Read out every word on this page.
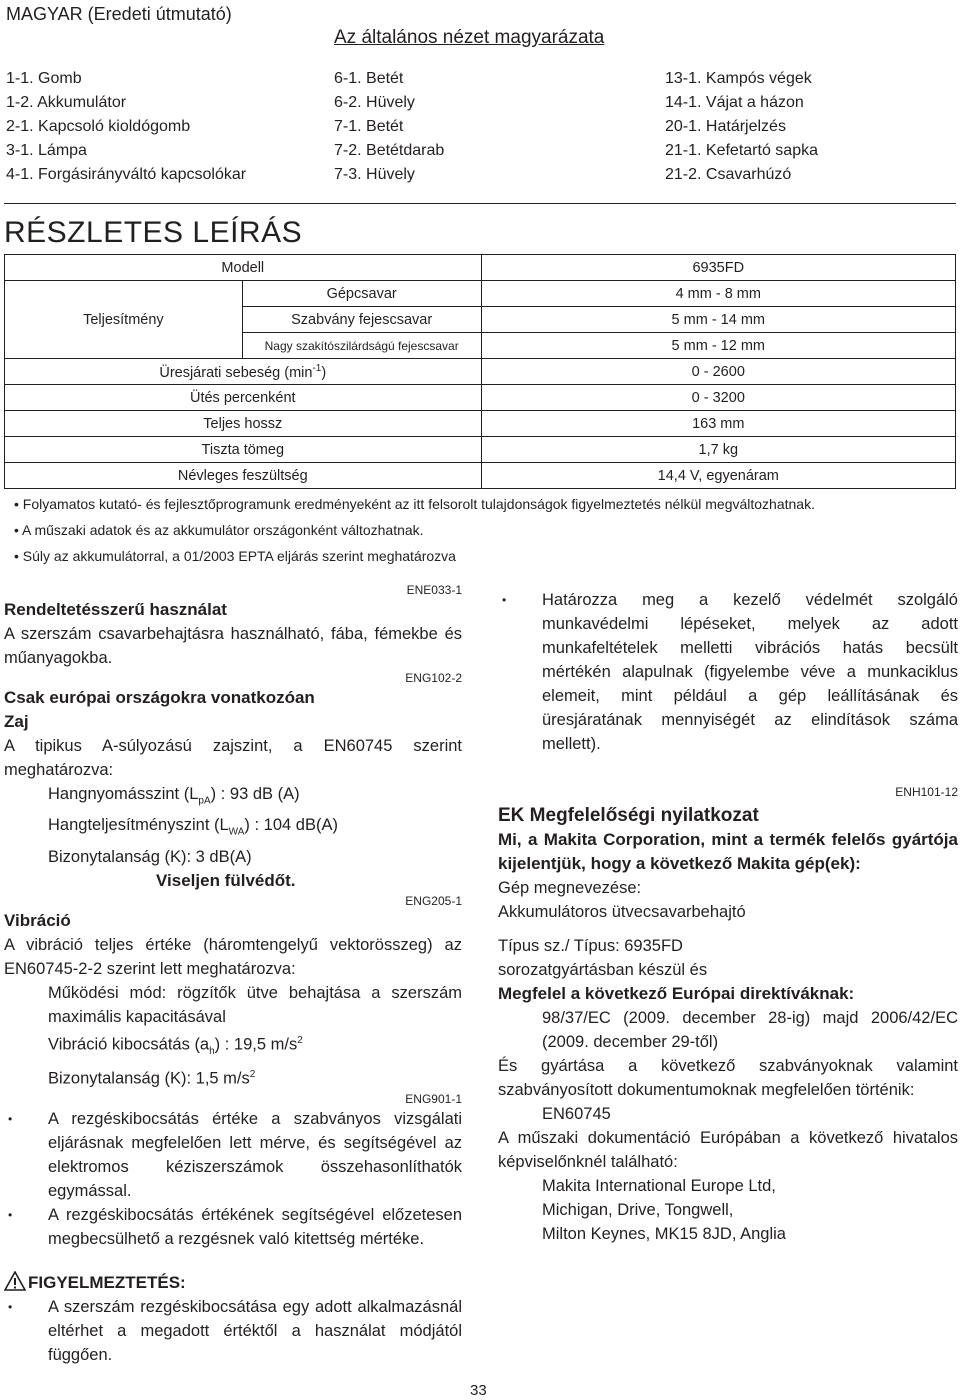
MAGYAR (Eredeti útmutató)
Az általános nézet magyarázata
1-1. Gomb
1-2. Akkumulátor
2-1. Kapcsoló kioldógomb
3-1. Lámpa
4-1. Forgásirányváltó kapcsolókar
6-1. Betét
6-2. Hüvely
7-1. Betét
7-2. Betétdarab
7-3. Hüvely
13-1. Kampós végek
14-1. Vájat a házon
20-1. Határjelzés
21-1. Kefetartó sapka
21-2. Csavarhúzó
RÉSZLETES LEÍRÁS
Modell		6935FD
Teljesítmény	Gépcsavar	4 mm - 8 mm
	Szabvány fejescsavar	5 mm - 14 mm
	Nagy szakítószilárdságú fejescsavar	5 mm - 12 mm
Üresjárati sebeség $(\min^{-1})$		0 - 2600
Ütés percenként		0 - 3200
Teljes hossz		163 mm
Tiszta tömeg		1,7 kg
Névleges feszültség		14,4 V, egyenáram
• Folyamatos kutató- és fejlesztőprogramunk eredményeként az itt felsorolt tulajdonságok figyelmeztetés nélkül megváltozhatnak.
• A műszaki adatok és az akkumulátor országonként változhatnak.
• Súly az akkumulátorral, a 01/2003 EPTA eljárás szerint meghatározva
ENE033-1
Rendeltetésszerű használat
A szerszám csavarbehajtásra használható, fába, fémekbe és műanyagokba.
ENG102-2
Csak európai országokra vonatkozóan
Zaj
A tipikus A-súlyozású zajszint, a EN60745 szerint meghatározva:
Hangnyomásszint $(L_{pA})$ : 93 dB (A)
Hangteljesítményszint $(L_{WA})$ : 104 dB(A)
Bizonytalanság (K): 3 dB(A)
Viseljen fülvédőt.
ENG205-1
Vibráció
A vibráció teljes értéke (háromtengelyű vektorösszeg) az EN60745-2-2 szerint lett meghatározva:
Működési mód: rögzítők ütve behajtása a szerszám maximális kapacitásával
Vibráció kibocsátás $(a_h)$ : 19,5 $m/s^2$
Bizonytalanság (K): 1,5 $m/s^2$
ENG901-1
• A rezgéskibocsátás értéke a szabványos vizsgálati eljárásnak megfelelően lett mérve, és segítségével az elektromos kéziszerszámok összehasonlíthatók egymással.
• A rezgéskibocsátás értékének segítségével előzetesen megbecsülhető a rezgésnek való kitettség mértéke.
FIGYELMEZTETÉS:
• A szerszám rezgéskibocsátása egy adott alkalmazásnál eltérhet a megadott értéktől a használat módjától függően.
• Határozza meg a kezelő védelmét szolgáló munkavédelmi lépéseket, melyek az adott munkafeltételek melletti vibrációs hatás becsült mértékén alapulnak (figyelembe véve a munkaciklus elemeit, mint például a gép leállításának és üresjáratának mennyiségét az elindítások száma mellett).
ENH101-12
EK Megfelelőségi nyilatkozat
Mi, a Makita Corporation, mint a termék felelős gyártója kijelentjük, hogy a következő Makita gép(ek):
Gép megnevezése:
Akkumulátoros ütvecsavarbehajtó
Típus sz./ Típus: 6935FD
sorozatgyártásban készül és
Megfelel a következő Európai direktíváknak:
98/37/EC (2009. december 28-ig) majd 2006/42/EC (2009. december 29-től)
És gyártása a következő szabványoknak valamint szabványosított dokumentumoknak megfelelően történik:
EN60745
A műszaki dokumentáció Európában a következő hivatalos képviselőnknél található:
Makita International Europe Ltd,
Michigan, Drive, Tongwell,
Milton Keynes, MK15 8JD, Anglia
33
